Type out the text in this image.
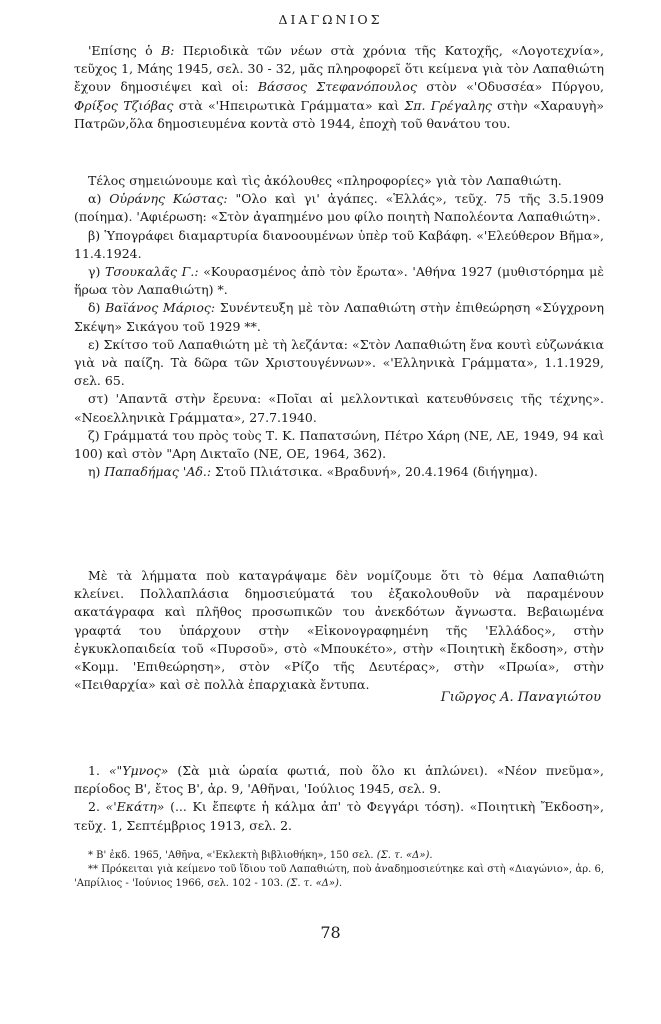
ΔΙΑΓΩΝΙΟΣ

'Επίσης ὁ Β: Περιοδικὰ τῶν νέων στὰ χρόνια τῆς Κατοχῆς, «Λογοτεχνία», τεῦχος 1, Μάης 1945, σελ. 30 - 32, μᾶς πληροφορεῖ ὅτι κείμενα γιὰ τὸν Λαπαθιώτη ἔχουν δημοσιέψει καὶ οἱ: Βάσσος Στεφανόπουλος στὸν «'Οδυσσέα» Πύργου, Φρίξος Τζιόβας στὰ «'Ηπειρωτικὰ Γράμματα» καὶ Σπ. Γρέγαλης στὴν «Χαραυγὴ» Πατρῶν,ὅλα δημοσιευμένα κοντὰ στὸ 1944, ἐποχὴ τοῦ θανάτου του.

Τέλος σημειώνουμε καὶ τὶς ἀκόλουθες «πληροφορίες» γιὰ τὸν Λαπαθιώτη.

α) Οὐράνης Κώστας: "Ολο καὶ γι' ἀγάπες. «Ἑλλάς», τεῦχ. 75 τῆς 3.5.1909 (ποίημα). 'Αφιέρωση: «Στὸν ἀγαπημένο μου φίλο ποιητὴ Ναπολέοντα Λαπαθιώτη».

β) Ὑπογράφει διαμαρτυρία διανοουμένων ὑπὲρ τοῦ Καβάφη. «'Ελεύθερον Βῆμα», 11.4.1924.

γ) Τσουκαλᾶς Γ.: «Κουρασμένος ἀπὸ τὸν ἔρωτα». 'Αθήνα 1927 (μυθιστόρημα μὲ ἥρωα τὸν Λαπαθιώτη) *.

δ) Βαϊάνος Μάριος: Συνέντευξη μὲ τὸν Λαπαθιώτη στὴν ἐπιθεώρηση «Σύγχρονη Σκέψη» Σικάγου τοῦ 1929 **.

ε) Σκίτσο τοῦ Λαπαθιώτη μὲ τὴ λεζάντα: «Στὸν Λαπαθιώτη ἕνα κουτὶ εὐζωνάκια γιὰ νὰ παίζη. Τὰ δῶρα τῶν Χριστουγέννων». «'Ελληνικὰ Γράμματα», 1.1.1929, σελ. 65.

στ) 'Απαντᾶ στὴν ἔρευνα: «Ποῖαι αἱ μελλοντικαὶ κατευθύνσεις τῆς τέχνης». «Νεοελληνικὰ Γράμματα», 27.7.1940.

ζ) Γράμματά του πρὸς τοὺς Τ. Κ. Παπατσώνη, Πέτρο Χάρη (ΝΕ, ΛΕ, 1949, 94 καὶ 100) καὶ στὸν "Αρη Δικταῖο (ΝΕ, ΟΕ, 1964, 362).

η) Παπαδήμας 'Αδ.: Στοῦ Πλιάτσικα. «Βραδυνή», 20.4.1964 (διήγημα).

Μὲ τὰ λήμματα ποὺ καταγράψαμε δὲν νομίζουμε ὅτι τὸ θέμα Λαπαθιώτη κλείνει. Πολλαπλάσια δημοσιεύματά του ἐξακολουθοῦν νὰ παραμένουν ακατάγραφα καὶ πλῆθος προσωπικῶν του ἀνεκδότων ἄγνωστα. Βεβαιωμένα γραφτά του ὑπάρχουν στὴν «Εἰκονογραφημένη τῆς 'Ελλάδος», στὴν ἐγκυκλοπαιδεία τοῦ «Πυρσοῦ», στὸ «Μπουκέτο», στὴν «Ποιητικὴ ἔκδοση», στὴν «Κομμ. 'Επιθεώρηση», στὸν «Ρίζο τῆς Δευτέρας», στὴν «Πρωία», στὴν «Πειθαρχία» καὶ σὲ πολλὰ ἐπαρχιακὰ ἔντυπα.

Γιῶργος Α. Παναγιώτου

1. «"Υμνος» (Σὰ μιὰ ὡραία φωτιά, ποὺ ὅλο κι ἁπλώνει). «Νέον πνεῦμα», περίοδος Β', ἔτος Β', ἀρ. 9, 'Αθῆναι, 'Ιούλιος 1945, σελ. 9.

2. «'Εκάτη» (... Κι ἔπεφτε ἡ κάλμα ἀπ' τὸ Φεγγάρι τόση). «Ποιητικὴ Ἔκδοση», τεῦχ. 1, Σεπτέμβριος 1913, σελ. 2.

* Β' ἐκδ. 1965, 'Αθῆνα, «'Εκλεκτὴ βιβλιοθήκη», 150 σελ. (Σ. τ. «Δ»).

** Πρόκειται γιὰ κείμενο τοῦ ἴδιου τοῦ Λαπαθιώτη, ποὺ ἀναδημοσιεύτηκε καὶ στὴ «Διαγώνιο», ἀρ. 6, 'Απρίλιος - 'Ιούνιος 1966, σελ. 102 - 103. (Σ. τ. «Δ»).

78
